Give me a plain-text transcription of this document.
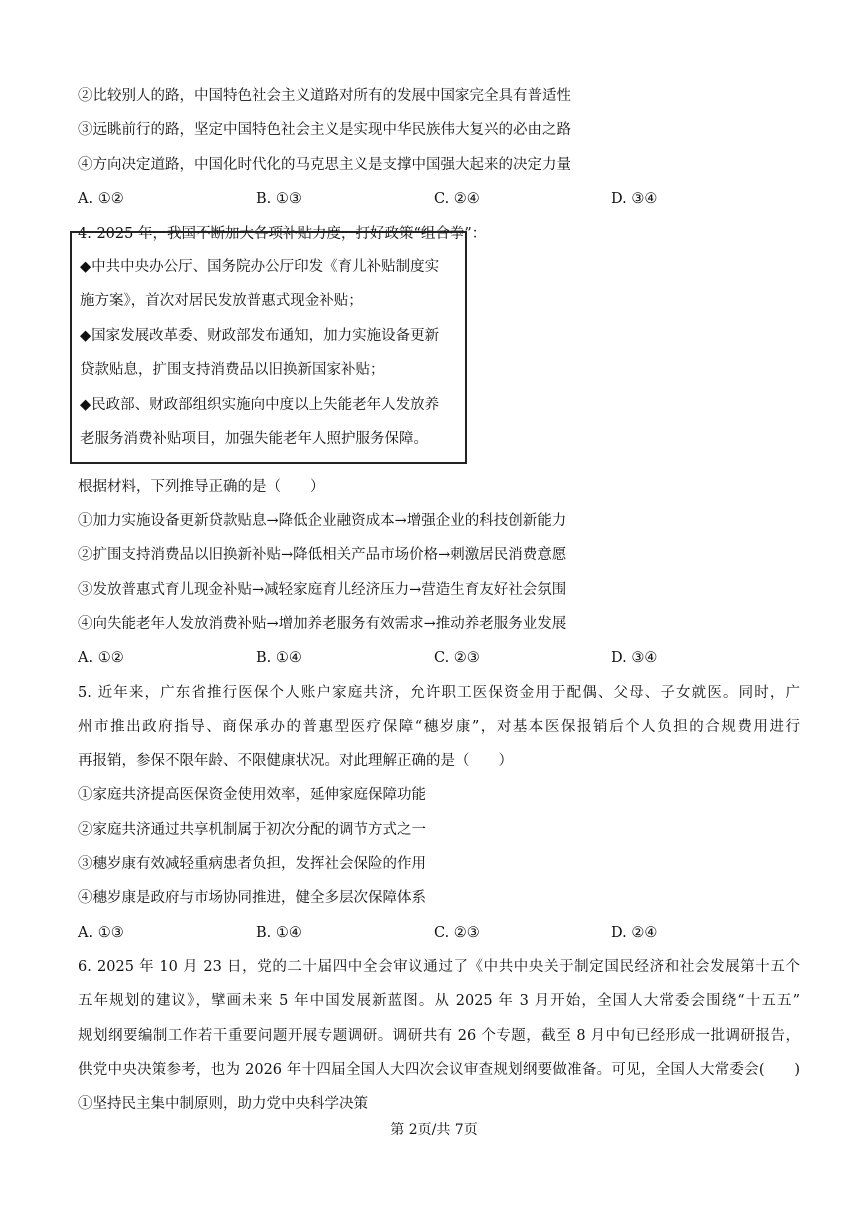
②比较别人的路，中国特色社会主义道路对所有的发展中国家完全具有普适性
③远眺前行的路，坚定中国特色社会主义是实现中华民族伟大复兴的必由之路
④方向决定道路，中国化时代化的马克思主义是支撑中国强大起来的决定力量
A. ①②	B. ①③	C. ②④	D. ③④
4. 2025 年，我国不断加大各项补贴力度，打好政策“组合拳”：
◆中共中央办公厅、国务院办公厅印发《育儿补贴制度实
施方案》，首次对居民发放普惠式现金补贴；
◆国家发展改革委、财政部发布通知，加力实施设备更新
贷款贴息，扩围支持消费品以旧换新国家补贴；
◆民政部、财政部组织实施向中度以上失能老年人发放养
老服务消费补贴项目，加强失能老年人照护服务保障。
根据材料，下列推导正确的是（　　）
①加力实施设备更新贷款贴息→降低企业融资成本→增强企业的科技创新能力
②扩围支持消费品以旧换新补贴→降低相关产品市场价格→刺激居民消费意愿
③发放普惠式育儿现金补贴→减轻家庭育儿经济压力→营造生育友好社会氛围
④向失能老年人发放消费补贴→增加养老服务有效需求→推动养老服务业发展
A. ①②	B. ①④	C. ②③	D. ③④
5. 近年来，广东省推行医保个人账户家庭共济，允许职工医保资金用于配偶、父母、子女就医。同时，广
州市推出政府指导、商保承办的普惠型医疗保障“穗岁康”，对基本医保报销后个人负担的合规费用进行
再报销，参保不限年龄、不限健康状况。对此理解正确的是（　　）
①家庭共济提高医保资金使用效率，延伸家庭保障功能
②家庭共济通过共享机制属于初次分配的调节方式之一
③穗岁康有效减轻重病患者负担，发挥社会保险的作用
④穗岁康是政府与市场协同推进，健全多层次保障体系
A. ①③	B. ①④	C. ②③	D. ②④
6. 2025 年 10 月 23 日，党的二十届四中全会审议通过了《中共中央关于制定国民经济和社会发展第十五个
五年规划的建议》，擘画未来 5 年中国发展新蓝图。从 2025 年 3 月开始，全国人大常委会围绕“十五五”
规划纲要编制工作若干重要问题开展专题调研。调研共有 26 个专题，截至 8 月中旬已经形成一批调研报告，
供党中央决策参考，也为 2026 年十四届全国人大四次会议审查规划纲要做准备。可见，全国人大常委会(　　)
①坚持民主集中制原则，助力党中央科学决策
第 2页/共 7页
